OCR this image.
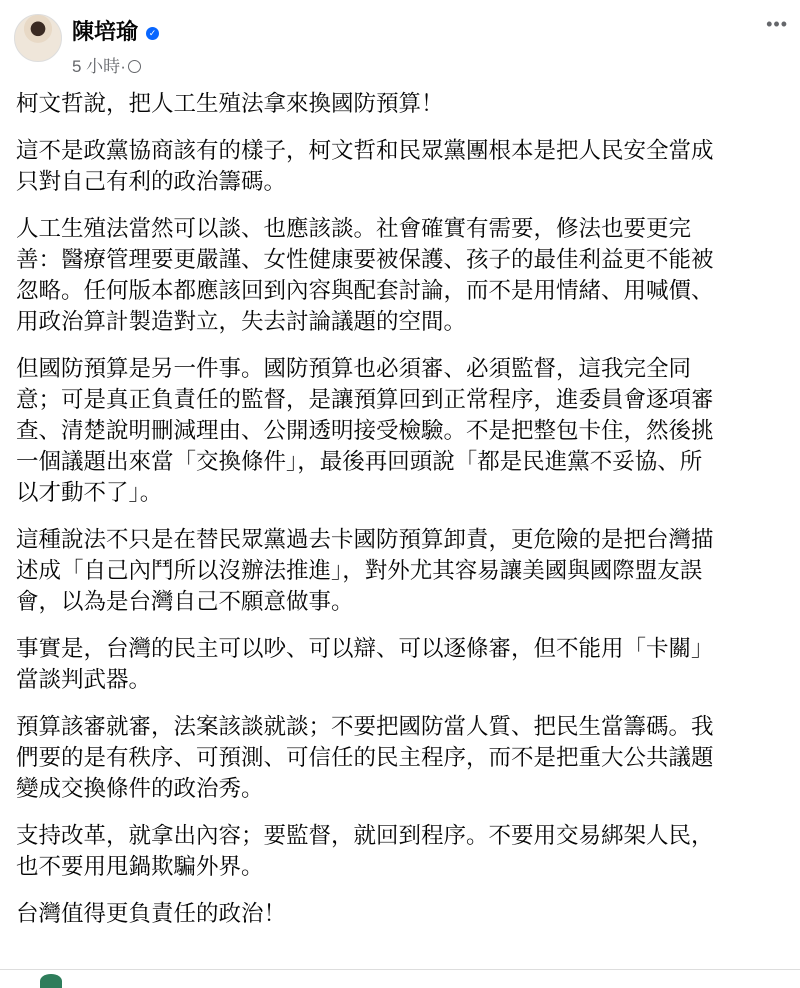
陳培瑜 ✓
5 小時·
•••
柯文哲說，把人工生殖法拿來換國防預算！
這不是政黨協商該有的樣子，柯文哲和民眾黨團根本是把人民安全當成
只對自己有利的政治籌碼。
人工生殖法當然可以談、也應該談。社會確實有需要，修法也要更完
善：醫療管理要更嚴謹、女性健康要被保護、孩子的最佳利益更不能被
忽略。任何版本都應該回到內容與配套討論，而不是用情緒、用喊價、
用政治算計製造對立，失去討論議題的空間。
但國防預算是另一件事。國防預算也必須審、必須監督，這我完全同
意；可是真正負責任的監督，是讓預算回到正常程序，進委員會逐項審
查、清楚說明刪減理由、公開透明接受檢驗。不是把整包卡住，然後挑
一個議題出來當「交換條件」，最後再回頭說「都是民進黨不妥協、所
以才動不了」。
這種說法不只是在替民眾黨過去卡國防預算卸責，更危險的是把台灣描
述成「自己內鬥所以沒辦法推進」，對外尤其容易讓美國與國際盟友誤
會，以為是台灣自己不願意做事。
事實是，台灣的民主可以吵、可以辯、可以逐條審，但不能用「卡關」
當談判武器。
預算該審就審，法案該談就談；不要把國防當人質、把民生當籌碼。我
們要的是有秩序、可預測、可信任的民主程序，而不是把重大公共議題
變成交換條件的政治秀。
支持改革，就拿出內容；要監督，就回到程序。不要用交易綁架人民，
也不要用甩鍋欺騙外界。
台灣值得更負責任的政治！
